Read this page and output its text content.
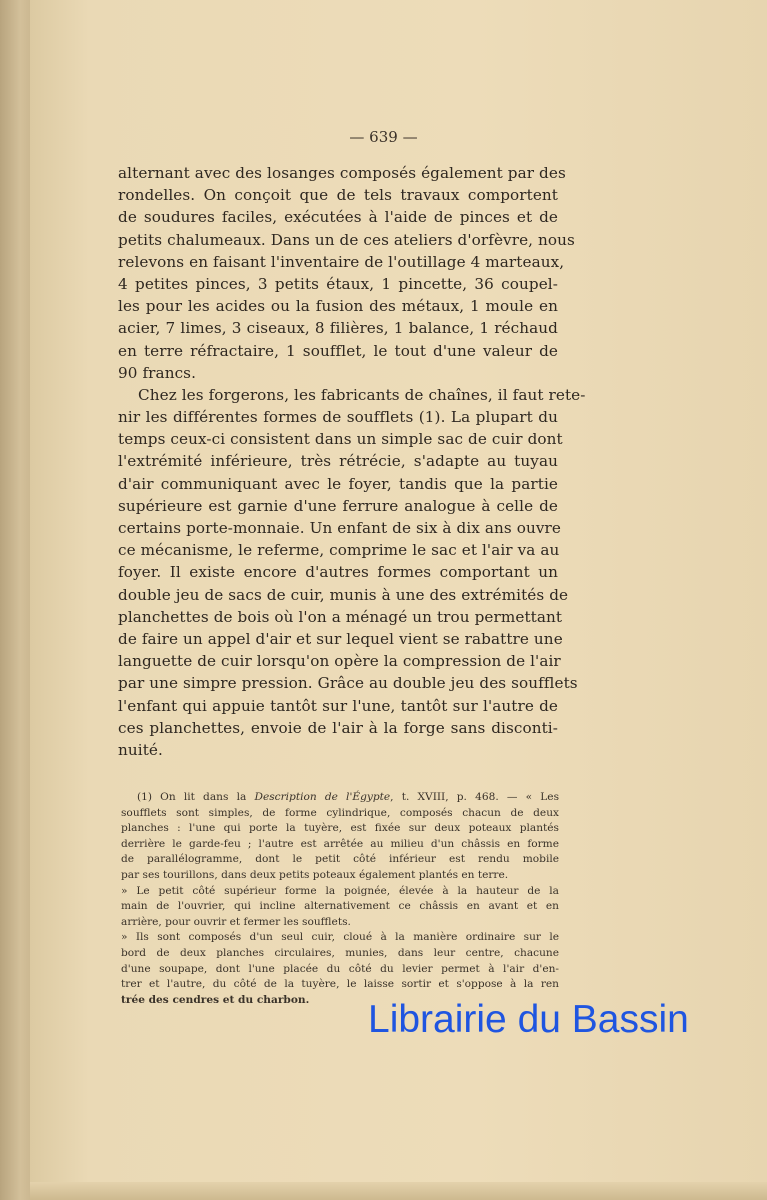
— 639 —
alternant avec des losanges composés également par des
rondelles. On conçoit que de tels travaux comportent
de soudures faciles, exécutées à l'aide de pinces et de
petits chalumeaux. Dans un de ces ateliers d'orfèvre, nous
relevons en faisant l'inventaire de l'outillage 4 marteaux,
4 petites pinces, 3 petits étaux, 1 pincette, 36 coupel-
les pour les acides ou la fusion des métaux, 1 moule en
acier, 7 limes, 3 ciseaux, 8 filières, 1 balance, 1 réchaud
en terre réfractaire, 1 soufflet, le tout d'une valeur de
90 francs.
Chez les forgerons, les fabricants de chaînes, il faut rete-
nir les différentes formes de soufflets (1). La plupart du
temps ceux-ci consistent dans un simple sac de cuir dont
l'extrémité inférieure, très rétrécie, s'adapte au tuyau
d'air communiquant avec le foyer, tandis que la partie
supérieure est garnie d'une ferrure analogue à celle de
certains porte-monnaie. Un enfant de six à dix ans ouvre
ce mécanisme, le referme, comprime le sac et l'air va au
foyer. Il existe encore d'autres formes comportant un
double jeu de sacs de cuir, munis à une des extrémités de
planchettes de bois où l'on a ménagé un trou permettant
de faire un appel d'air et sur lequel vient se rabattre une
languette de cuir lorsqu'on opère la compression de l'air
par une simpre pression. Grâce au double jeu des soufflets
l'enfant qui appuie tantôt sur l'une, tantôt sur l'autre de
ces planchettes, envoie de l'air à la forge sans disconti-
nuité.
(1) On lit dans la Description de l'Égypte, t. XVIII, p. 468. — « Les
soufflets sont simples, de forme cylindrique, composés chacun de deux
planches : l'une qui porte la tuyère, est fixée sur deux poteaux plantés
derrière le garde-feu ; l'autre est arrêtée au milieu d'un châssis en forme
de parallélogramme, dont le petit côté inférieur est rendu mobile
par ses tourillons, dans deux petits poteaux également plantés en terre.
» Le petit côté supérieur forme la poignée, élevée à la hauteur de la
main de l'ouvrier, qui incline alternativement ce châssis en avant et en
arrière, pour ouvrir et fermer les soufflets.
» Ils sont composés d'un seul cuir, cloué à la manière ordinaire sur le
bord de deux planches circulaires, munies, dans leur centre, chacune
d'une soupape, dont l'une placée du côté du levier permet à l'air d'en-
trer et l'autre, du côté de la tuyère, le laisse sortir et s'oppose à la ren
trée des cendres et du charbon.	Librairie du Bassin
